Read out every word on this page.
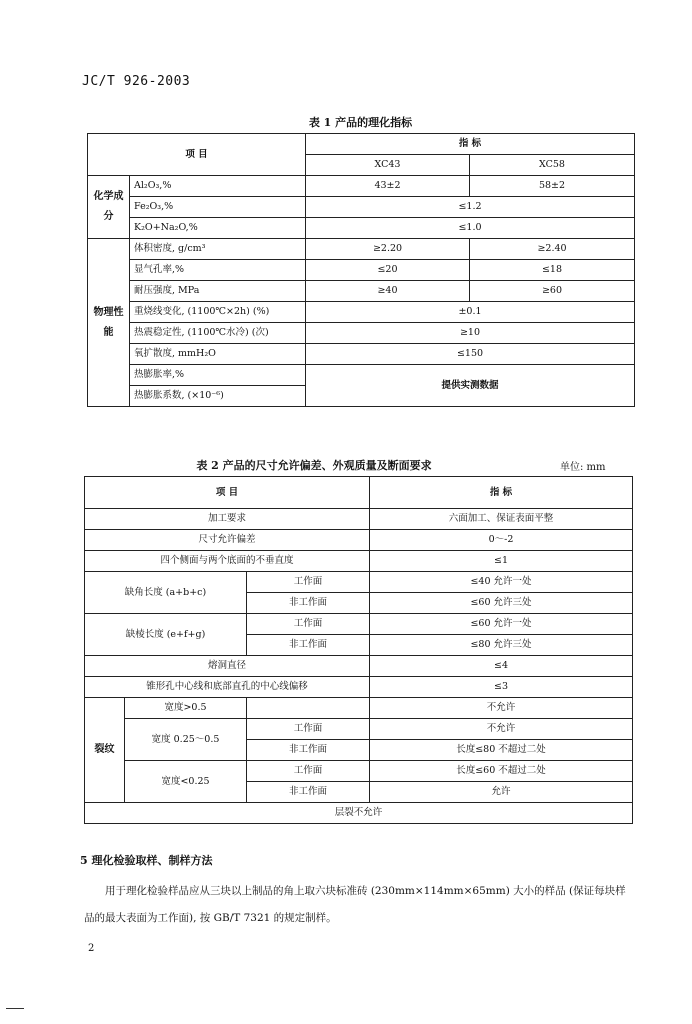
JC/T 926-2003
表 1 产品的理化指标
项 目		指 标	
		XC43	XC58
化学成分	Al₂O₃,%	43±2	58±2
	Fe₂O₃,%	≤1.2	
	K₂O+Na₂O,%	≤1.0	
物理性能	体积密度, g/cm³	≥2.20	≥2.40
	显气孔率,%	≤20	≤18
	耐压强度, MPa	≥40	≥60
	重烧线变化, (1100℃×2h) (%)	±0.1	
	热震稳定性, (1100℃水冷) (次)	≥10	
	氧扩散度, mmH₂O	≤150	
	热膨胀率,%	提供实测数据	
	热膨胀系数, (×10⁻⁶)		
表 2 产品的尺寸允许偏差、外观质量及断面要求	单位: mm
项 目			指 标
加工要求			六面加工、保证表面平整
尺寸允许偏差			0～-2
四个侧面与两个底面的不垂直度			≤1
缺角长度 (a+b+c)		工作面	≤40 允许一处
		非工作面	≤60 允许三处
缺棱长度 (e+f+g)		工作面	≤60 允许一处
		非工作面	≤80 允许三处
熔洞直径			≤4
锥形孔中心线和底部直孔的中心线偏移			≤3
裂纹	宽度>0.5		不允许
	宽度 0.25～0.5	工作面	不允许
		非工作面	长度≤80 不超过二处
	宽度<0.25	工作面	长度≤60 不超过二处
		非工作面	允许
层裂不允许			
5 理化检验取样、制样方法
用于理化检验样品应从三块以上制品的角上取六块标准砖 (230mm×114mm×65mm) 大小的样品 (保证每块样品的最大表面为工作面), 按 GB/T 7321 的规定制样。
2
